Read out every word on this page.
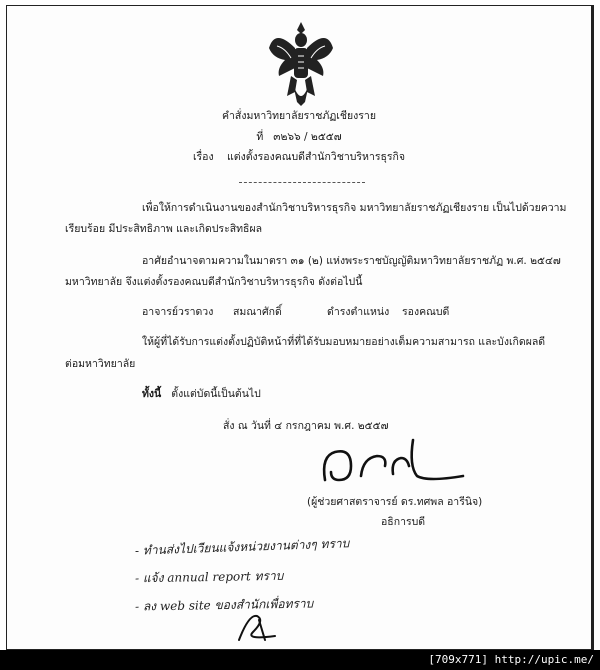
คำสั่งมหาวิทยาลัยราชภัฏเชียงราย
ที่ ๓๒๖๖ / ๒๕๕๗
เรื่อง แต่งตั้งรองคณบดีสำนักวิชาบริหารธุรกิจ
เพื่อให้การดำเนินงานของสำนักวิชาบริหารธุรกิจ มหาวิทยาลัยราชภัฏเชียงราย เป็นไปด้วยความ
เรียบร้อย มีประสิทธิภาพ และเกิดประสิทธิผล
อาศัยอำนาจตามความในมาตรา ๓๑ (๒) แห่งพระราชบัญญัติมหาวิทยาลัยราชภัฏ พ.ศ. ๒๕๔๗
มหาวิทยาลัย จึงแต่งตั้งรองคณบดีสำนักวิชาบริหารธุรกิจ ดังต่อไปนี้
อาจารย์วราดวง สมณาศักดิ์	ดำรงตำแหน่ง รองคณบดี
ให้ผู้ที่ได้รับการแต่งตั้งปฏิบัติหน้าที่ที่ได้รับมอบหมายอย่างเต็มความสามารถ และบังเกิดผลดี
ต่อมหาวิทยาลัย
ทั้งนี้ ตั้งแต่บัดนี้เป็นต้นไป
สั่ง ณ วันที่ ๔ กรกฎาคม พ.ศ. ๒๕๕๗
(ผู้ช่วยศาสตราจารย์ ดร.ทศพล อารีนิจ)
อธิการบดี
- ทำนส่งไปเวียนแจ้งหน่วยงานต่างๆ ทราบ
- แจ้ง annual report ทราบ
- ลง web site ของสำนักเพื่อทราบ
[709x771] http://upic.me/
